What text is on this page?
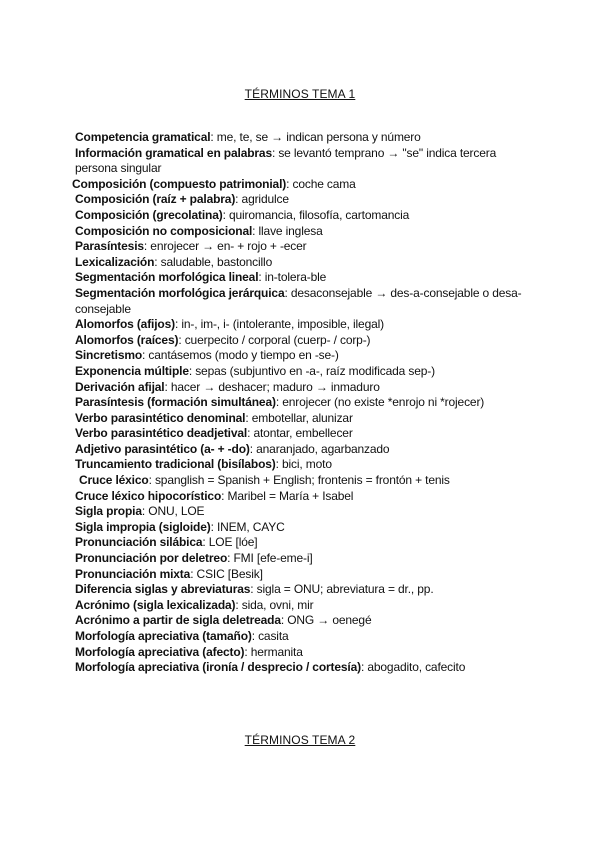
TÉRMINOS TEMA 1
Competencia gramatical: me, te, se → indican persona y número
Información gramatical en palabras: se levantó temprano → "se" indica tercera persona singular
Composición (compuesto patrimonial): coche cama
Composición (raíz + palabra): agridulce
Composición (grecolatina): quiromancia, filosofía, cartomancia
Composición no composicional: llave inglesa
Parasíntesis: enrojecer → en- + rojo + -ecer
Lexicalización: saludable, bastoncillo
Segmentación morfológica lineal: in-tolera-ble
Segmentación morfológica jerárquica: desaconsejable → des-a-consejable o desa-consejable
Alomorfos (afijos): in-, im-, i- (intolerante, imposible, ilegal)
Alomorfos (raíces): cuerpecito / corporal (cuerp- / corp-)
Sincretismo: cantásemos (modo y tiempo en -se-)
Exponencia múltiple: sepas (subjuntivo en -a-, raíz modificada sep-)
Derivación afijal: hacer → deshacer; maduro → inmaduro
Parasíntesis (formación simultánea): enrojecer (no existe *enrojo ni *rojecer)
Verbo parasintético denominal: embotellar, alunizar
Verbo parasintético deadjetival: atontar, embellecer
Adjetivo parasintético (a- + -do): anaranjado, agarbanzado
Truncamiento tradicional (bisílabos): bici, moto
Cruce léxico: spanglish = Spanish + English; frontenis = frontón + tenis
Cruce léxico hipocorístico: Maribel = María + Isabel
Sigla propia: ONU, LOE
Sigla impropia (sigloide): INEM, CAYC
Pronunciación silábica: LOE [lóe]
Pronunciación por deletreo: FMI [efe-eme-i]
Pronunciación mixta: CSIC [Besik]
Diferencia siglas y abreviaturas: sigla = ONU; abreviatura = dr., pp.
Acrónimo (sigla lexicalizada): sida, ovni, mir
Acrónimo a partir de sigla deletreada: ONG → oenegé
Morfología apreciativa (tamaño): casita
Morfología apreciativa (afecto): hermanita
Morfología apreciativa (ironía / desprecio / cortesía): abogadito, cafecito
TÉRMINOS TEMA 2
